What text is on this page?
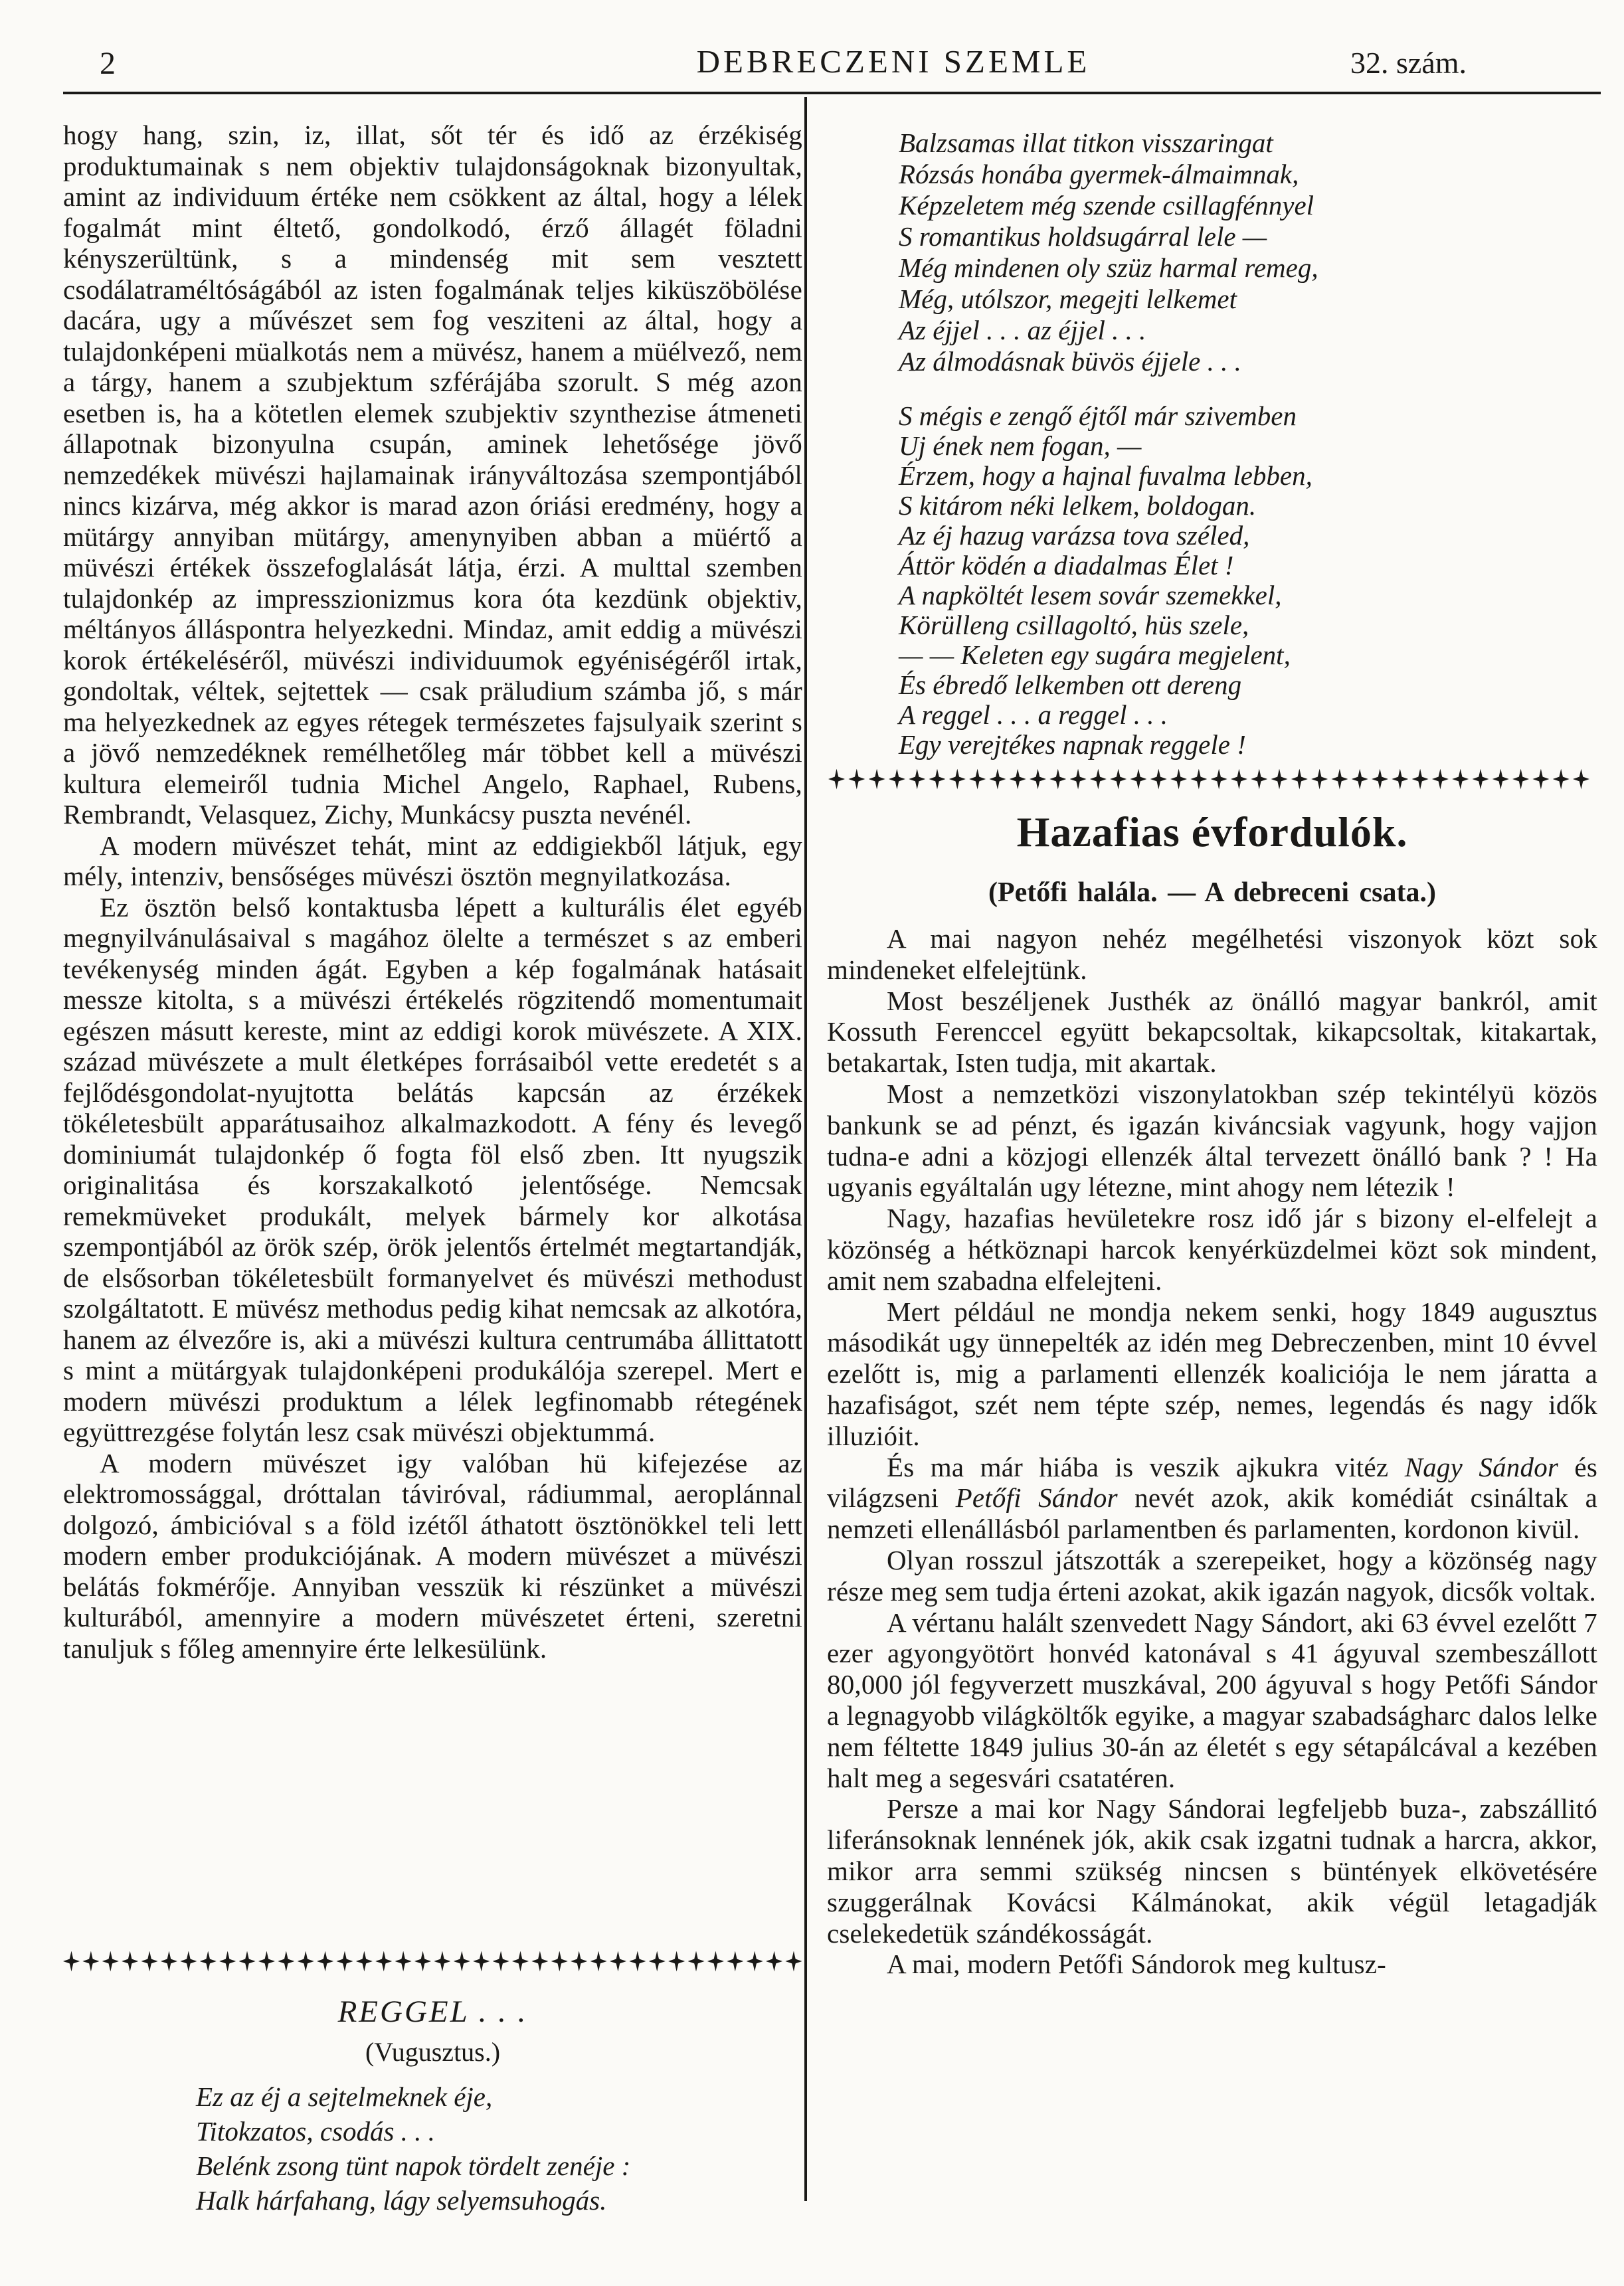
2	DEBRECZENI SZEMLE	32. szám.

hogy hang, szin, iz, illat, sőt tér és idő az érzékiség produktumainak s nem objektiv tulajdonságoknak bizonyultak, amint az individuum értéke nem csökkent az által, hogy a lélek fogalmát mint éltető, gondolkodó, érző állagét föladni kényszerültünk, s a mindenség mit sem vesztett csodálatraméltóságából az isten fogalmának teljes kiküszöbölése dacára, ugy a művészet sem fog vesziteni az által, hogy a tulajdonképeni müalkotás nem a müvész, hanem a müélvező, nem a tárgy, hanem a szubjektum szférájába szorult. S még azon esetben is, ha a kötetlen elemek szubjektiv szynthezise átmeneti állapotnak bizonyulna csupán, aminek lehetősége jövő nemzedékek müvészi hajlamainak irányváltozása szempontjából nincs kizárva, még akkor is marad azon óriási eredmény, hogy a mütárgy annyiban mütárgy, amenynyiben abban a müértő a müvészi értékek összefoglalását látja, érzi. A multtal szemben tulajdonkép az impresszionizmus kora óta kezdünk objektiv, méltányos álláspontra helyezkedni. Mindaz, amit eddig a müvészi korok értékeléséről, müvészi individuumok egyéniségéről irtak, gondoltak, véltek, sejtettek — csak präludium számba jő, s már ma helyezkednek az egyes rétegek természetes fajsulyaik szerint s a jövő nemzedéknek remélhetőleg már többet kell a müvészi kultura elemeiről tudnia Michel Angelo, Raphael, Rubens, Rembrandt, Velasquez, Zichy, Munkácsy puszta nevénél.

A modern müvészet tehát, mint az eddigiekből látjuk, egy mély, intenziv, bensőséges müvészi ösztön megnyilatkozása.

Ez ösztön belső kontaktusba lépett a kulturális élet egyéb megnyilvánulásaival s magához ölelte a természet s az emberi tevékenység minden ágát. Egyben a kép fogalmának hatásait messze kitolta, s a müvészi értékelés rögzitendő momentumait egészen másutt kereste, mint az eddigi korok müvészete. A XIX. század müvészete a mult életképes forrásaiból vette eredetét s a fejlődésgondolat-nyujtotta belátás kapcsán az érzékek tökéletesbült apparátusaihoz alkalmazkodott. A fény és levegő dominiumát tulajdonkép ő fogta föl első zben. Itt nyugszik originalitása és korszakalkotó jelentősége. Nemcsak remekmüveket produkált, melyek bármely kor alkotása szempontjából az örök szép, örök jelentős értelmét megtartandják, de elsősorban tökéletesbült formanyelvet és müvészi methodust szolgáltatott. E müvész methodus pedig kihat nemcsak az alkotóra, hanem az élvezőre is, aki a müvészi kultura centrumába állittatott s mint a mütárgyak tulajdonképeni produkálója szerepel. Mert e modern müvészi produktum a lélek legfinomabb rétegének együttrezgése folytán lesz csak müvészi objektummá.

A modern müvészet igy valóban hü kifejezése az elektromossággal, dróttalan táviróval, rádiummal, aeroplánnal dolgozó, ámbicióval s a föld izétől áthatott ösztönökkel teli lett modern ember produkciójának. A modern müvészet a müvészi belátás fokmérője. Annyiban vesszük ki részünket a müvészi kulturából, amennyire a modern müvészetet érteni, szeretni tanuljuk s főleg amennyire érte lelkesülünk.

REGGEL . . .
(Vugusztus.)
Ez az éj a sejtelmeknek éje,
Titokzatos, csodás . . .
Belénk zsong tünt napok tördelt zenéje :
Halk hárfahang, lágy selyemsuhogás.
Balzsamas illat titkon visszaringat
Rózsás honába gyermek-álmaimnak,
Képzeletem még szende csillagfénnyel
S romantikus holdsugárral lele —
Még mindenen oly szüz harmal remeg,
Még, utólszor, megejti lelkemet
Az éjjel . . . az éjjel . . .
Az álmodásnak büvös éjjele . . .
S mégis e zengő éjtől már szivemben
Uj ének nem fogan, —
Érzem, hogy a hajnal fuvalma lebben,
S kitárom néki lelkem, boldogan.
Az éj hazug varázsa tova széled,
Áttör ködén a diadalmas Élet !
A napköltét lesem sovár szemekkel,
Körülleng csillagoltó, hüs szele,
— — Keleten egy sugára megjelent,
És ébredő lelkemben ott dereng
A reggel . . . a reggel . . .
Egy verejtékes napnak reggele !
Hazafias évfordulók.
(Petőfi halála. — A debreceni csata.)

A mai nagyon nehéz megélhetési viszonyok közt sok mindeneket elfelejtünk.

Most beszéljenek Justhék az önálló magyar bankról, amit Kossuth Ferenccel együtt bekapcsoltak, kikapcsoltak, kitakartak, betakartak, Isten tudja, mit akartak.

Most a nemzetközi viszonylatokban szép tekintélyü közös bankunk se ad pénzt, és igazán kiváncsiak vagyunk, hogy vajjon tudna-e adni a közjogi ellenzék által tervezett önálló bank ? ! Ha ugyanis egyáltalán ugy létezne, mint ahogy nem létezik !

Nagy, hazafias hevületekre rosz idő jár s bizony el-elfelejt a közönség a hétköznapi harcok kenyérküzdelmei közt sok mindent, amit nem szabadna elfelejteni.

Mert például ne mondja nekem senki, hogy 1849 augusztus másodikát ugy ünnepelték az idén meg Debreczenben, mint 10 évvel ezelőtt is, mig a parlamenti ellenzék koaliciója le nem járatta a hazafiságot, szét nem tépte szép, nemes, legendás és nagy idők illuzióit.

És ma már hiába is veszik ajkukra vitéz Nagy Sándor és világzseni Petőfi Sándor nevét azok, akik komédiát csináltak a nemzeti ellenállásból parlamentben és parlamenten, kordonon kivül.

Olyan rosszul játszották a szerepeiket, hogy a közönség nagy része meg sem tudja érteni azokat, akik igazán nagyok, dicsők voltak.

A vértanu halált szenvedett Nagy Sándort, aki 63 évvel ezelőtt 7 ezer agyongyötört honvéd katonával s 41 ágyuval szembeszállott 80,000 jól fegyverzett muszkával, 200 ágyuval s hogy Petőfi Sándor a legnagyobb világköltők egyike, a magyar szabadságharc dalos lelke nem féltette 1849 julius 30-án az életét s egy sétapálcával a kezében halt meg a segesvári csatatéren.

Persze a mai kor Nagy Sándorai legfeljebb buza-, zabszállitó liferánsoknak lennének jók, akik csak izgatni tudnak a harcra, akkor, mikor arra semmi szükség nincsen s büntények elkövetésére szuggerálnak Kovácsi Kálmánokat, akik végül letagadják cselekedetük szándékosságát.

A mai, modern Petőfi Sándorok meg kultusz-
